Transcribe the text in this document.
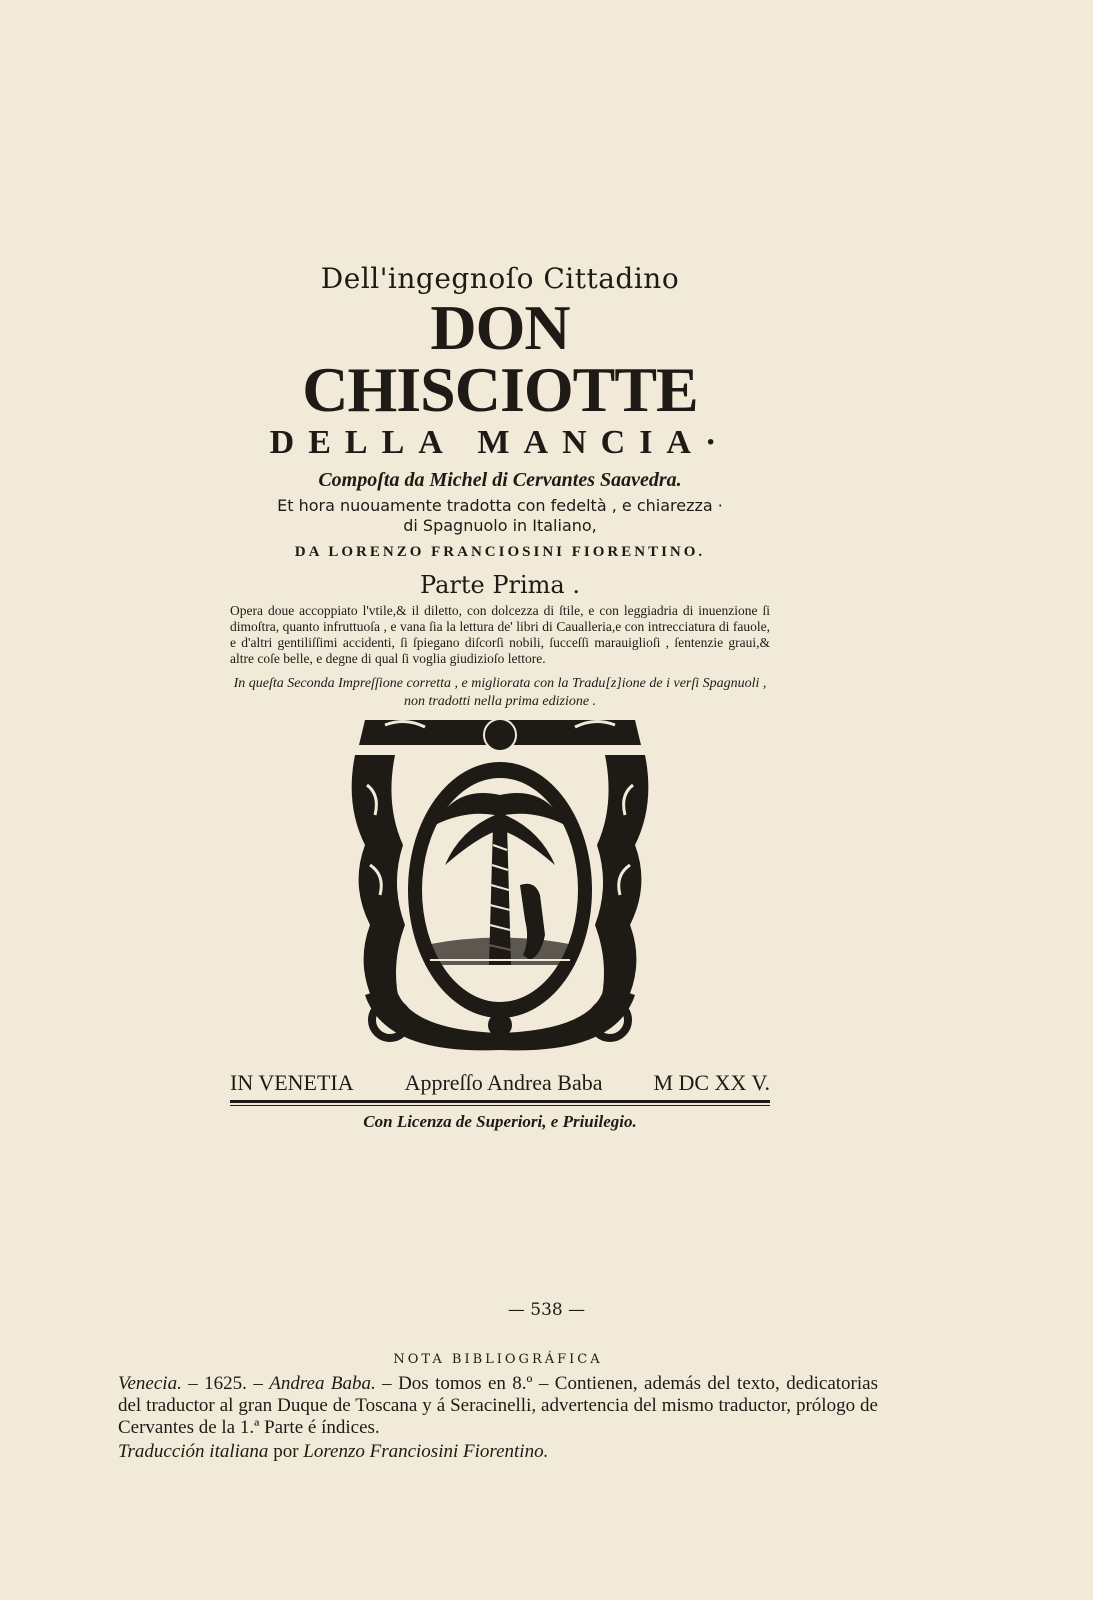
Dell'ingegnoſo Cittadino

DON CHISCIOTTE

DELLA MANCIA·

Compoſta da Michel di Cervantes Saavedra.

Et hora nuouamente tradotta con fedeltà , e chiarezza ·

di Spagnuolo in Italiano,

DA LORENZO FRANCIOSINI FIORENTINO.

Parte Prima .

Opera doue accoppiato l'vtile,& il diletto, con dolcezza di ſtile, e con leggiadria di inuenzione ſi dimoſtra, quanto infruttuoſa , e vana ſia la lettura de' libri di Caualleria,e con intrecciatura di fauole, e d'altri gentiliſſimi accidenti, ſi ſpiegano diſcorſi nobili, ſucceſſi marauiglioſi , ſentenzie graui,& altre coſe belle, e degne di qual ſi voglia giudizioſo lettore.

In queſta Seconda Impreſſione corretta , e migliorata con la Tradu[z]ione de i verſi Spagnuoli , non tradotti nella prima edizione .

IN VENETIA Appreſſo Andrea Baba M DC XX V.
Con Licenza de Superiori, e Priuilegio.
— 538 —
NOTA BIBLIOGRÁFICA

Venecia. – 1625. – Andrea Baba. – Dos tomos en 8.º – Contienen, además del texto, dedicatorias del traductor al gran Duque de Toscana y á Seracinelli, advertencia del mismo traductor, prólogo de Cervantes de la 1.ª Parte é índices.

Traducción italiana por Lorenzo Franciosini Fiorentino.
